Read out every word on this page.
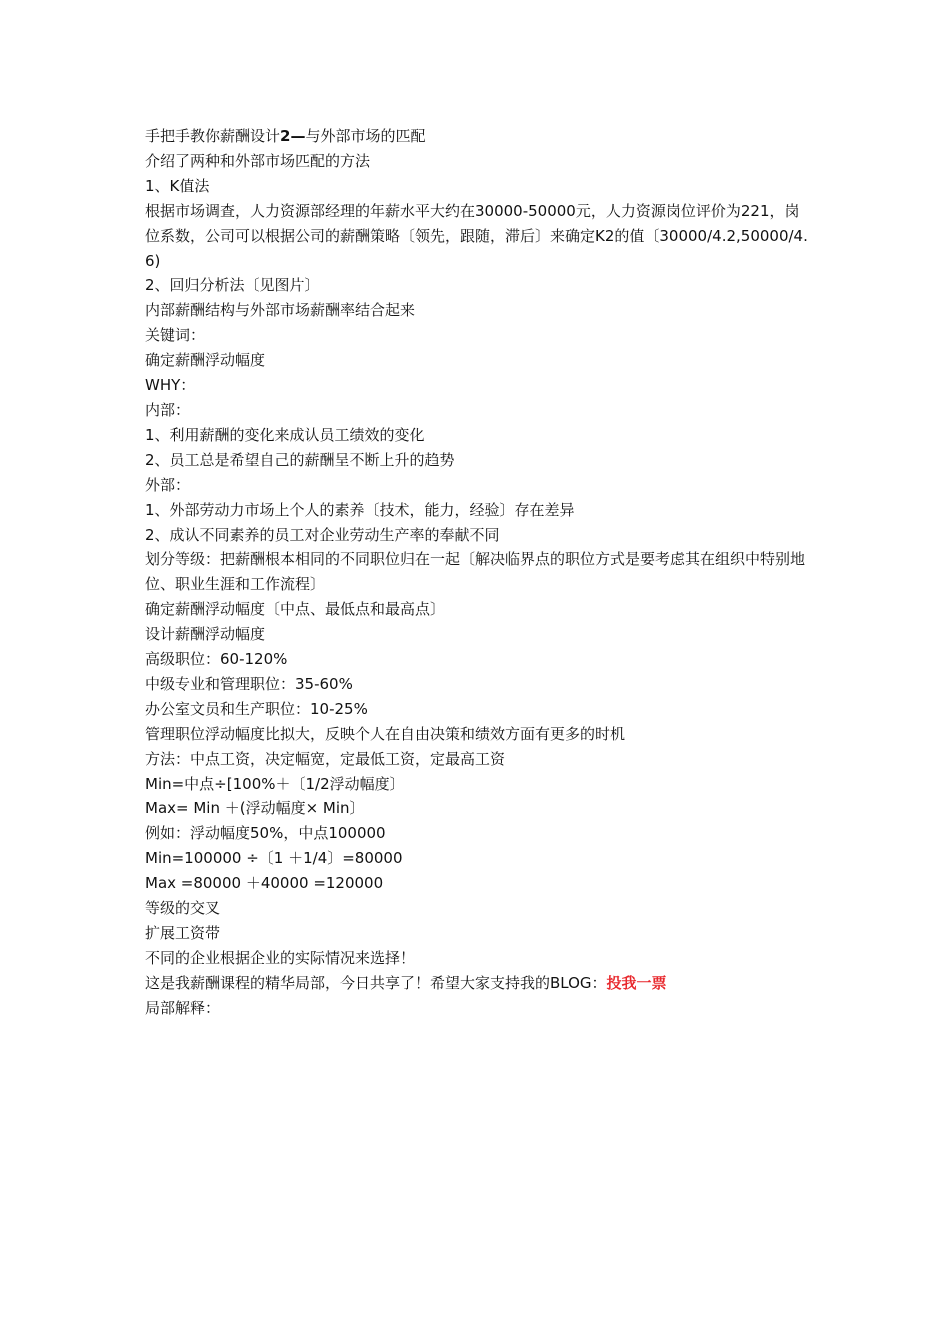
手把手教你薪酬设计2—与外部市场的匹配

介绍了两种和外部市场匹配的方法

1、K值法

根据市场调查，人力资源部经理的年薪水平大约在30000-50000元，人力资源岗位评价为221，岗位系数，公司可以根据公司的薪酬策略〔领先，跟随，滞后〕来确定K2的值〔30000/4.2,50000/4.6)

2、回归分析法〔见图片〕

内部薪酬结构与外部市场薪酬率结合起来

关键词：

确定薪酬浮动幅度

WHY：

内部：

1、利用薪酬的变化来成认员工绩效的变化

2、员工总是希望自己的薪酬呈不断上升的趋势

外部：

1、外部劳动力市场上个人的素养〔技术，能力，经验〕存在差异

2、成认不同素养的员工对企业劳动生产率的奉献不同

划分等级：把薪酬根本相同的不同职位归在一起〔解决临界点的职位方式是要考虑其在组织中特别地位、职业生涯和工作流程〕

确定薪酬浮动幅度〔中点、最低点和最高点〕

设计薪酬浮动幅度

高级职位：60-120%

中级专业和管理职位：35-60%

办公室文员和生产职位：10-25%

管理职位浮动幅度比拟大，反映个人在自由决策和绩效方面有更多的时机

方法：中点工资，决定幅宽，定最低工资，定最高工资

Min=中点÷[100%＋〔1/2浮动幅度〕

Max= Min ＋(浮动幅度× Min〕

例如：浮动幅度50%，中点100000

Min=100000 ÷〔1 ＋1/4〕=80000

Max =80000 ＋40000 =120000

等级的交叉

扩展工资带

不同的企业根据企业的实际情况来选择！

这是我薪酬课程的精华局部，今日共享了！希望大家支持我的BLOG：投我一票

局部解释：
